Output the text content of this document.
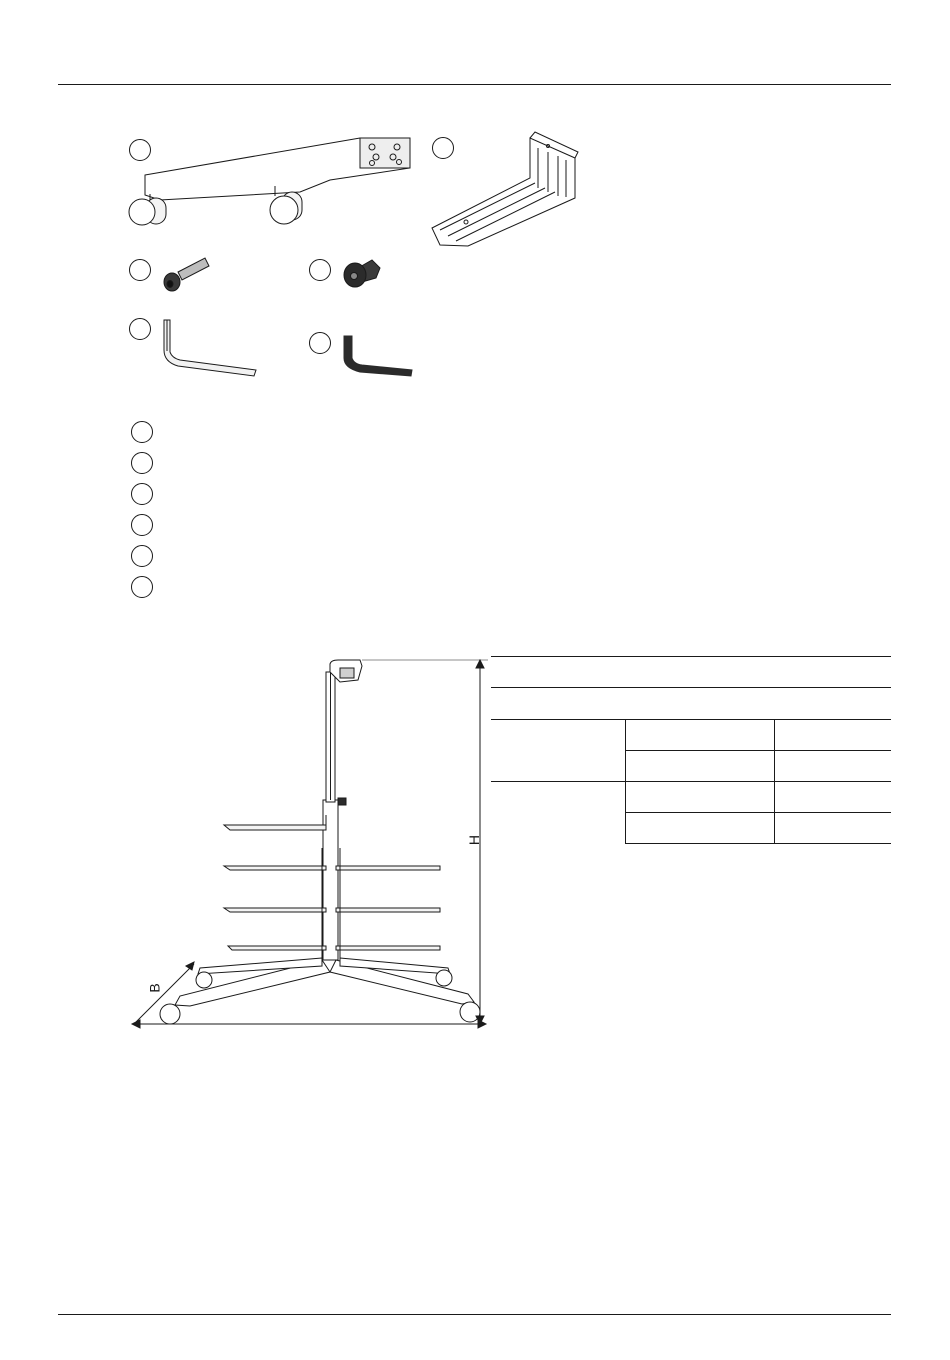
H
B
